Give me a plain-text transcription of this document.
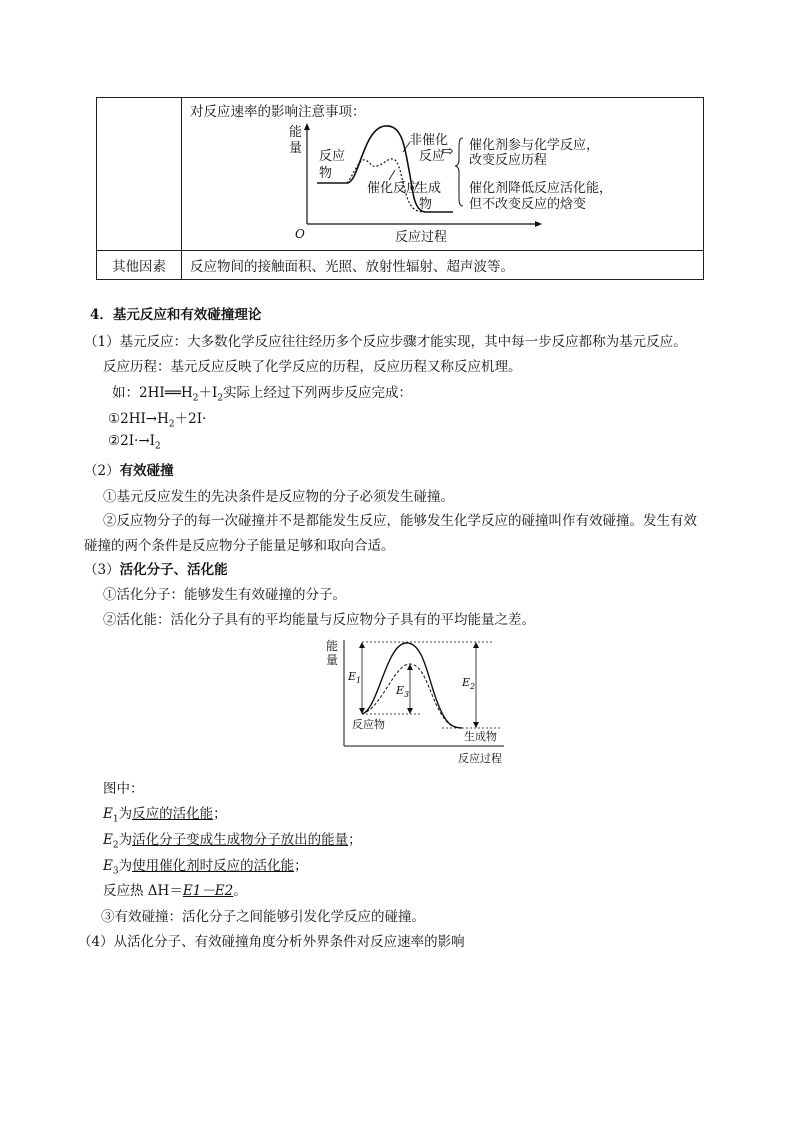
	对反应速率的影响注意事项：

其他因素	反应物间的接触面积、光照、放射性辐射、超声波等。
能
量
O	反应过程
反应
物
非催化
反应
催化反应
生成
物
⇨ 催化剂参与化学反应，
改变反应历程
催化剂降低反应活化能，
但不改变反应的焓变
4．基元反应和有效碰撞理论
（1）基元反应：大多数化学反应往往经历多个反应步骤才能实现，其中每一步反应都称为基元反应。
反应历程：基元反应反映了化学反应的历程，反应历程又称反应机理。
如：$2HI══H_2+I_2$实际上经过下列两步反应完成：
$①2HI\to H_2+2I\cdot$
$②2I\cdot\to I_2$
（2）有效碰撞
①基元反应发生的先决条件是反应物的分子必须发生碰撞。
②反应物分子的每一次碰撞并不是都能发生反应，能够发生化学反应的碰撞叫作有效碰撞。发生有效
碰撞的两个条件是反应物分子能量足够和取向合适。
（3）活化分子、活化能
①活化分子：能够发生有效碰撞的分子。
②活化能：活化分子具有的平均能量与反应物分子具有的平均能量之差。
能
量
$E_1$
$E_3$
$E_2$
反应物
生成物
反应过程
图中：
$E_1$为反应的活化能；
$E_2$为活化分子变成生成物分子放出的能量；
$E_3$为使用催化剂时反应的活化能；
反应热 ΔH＝E1－E2。
③有效碰撞：活化分子之间能够引发化学反应的碰撞。
（4）从活化分子、有效碰撞角度分析外界条件对反应速率的影响
